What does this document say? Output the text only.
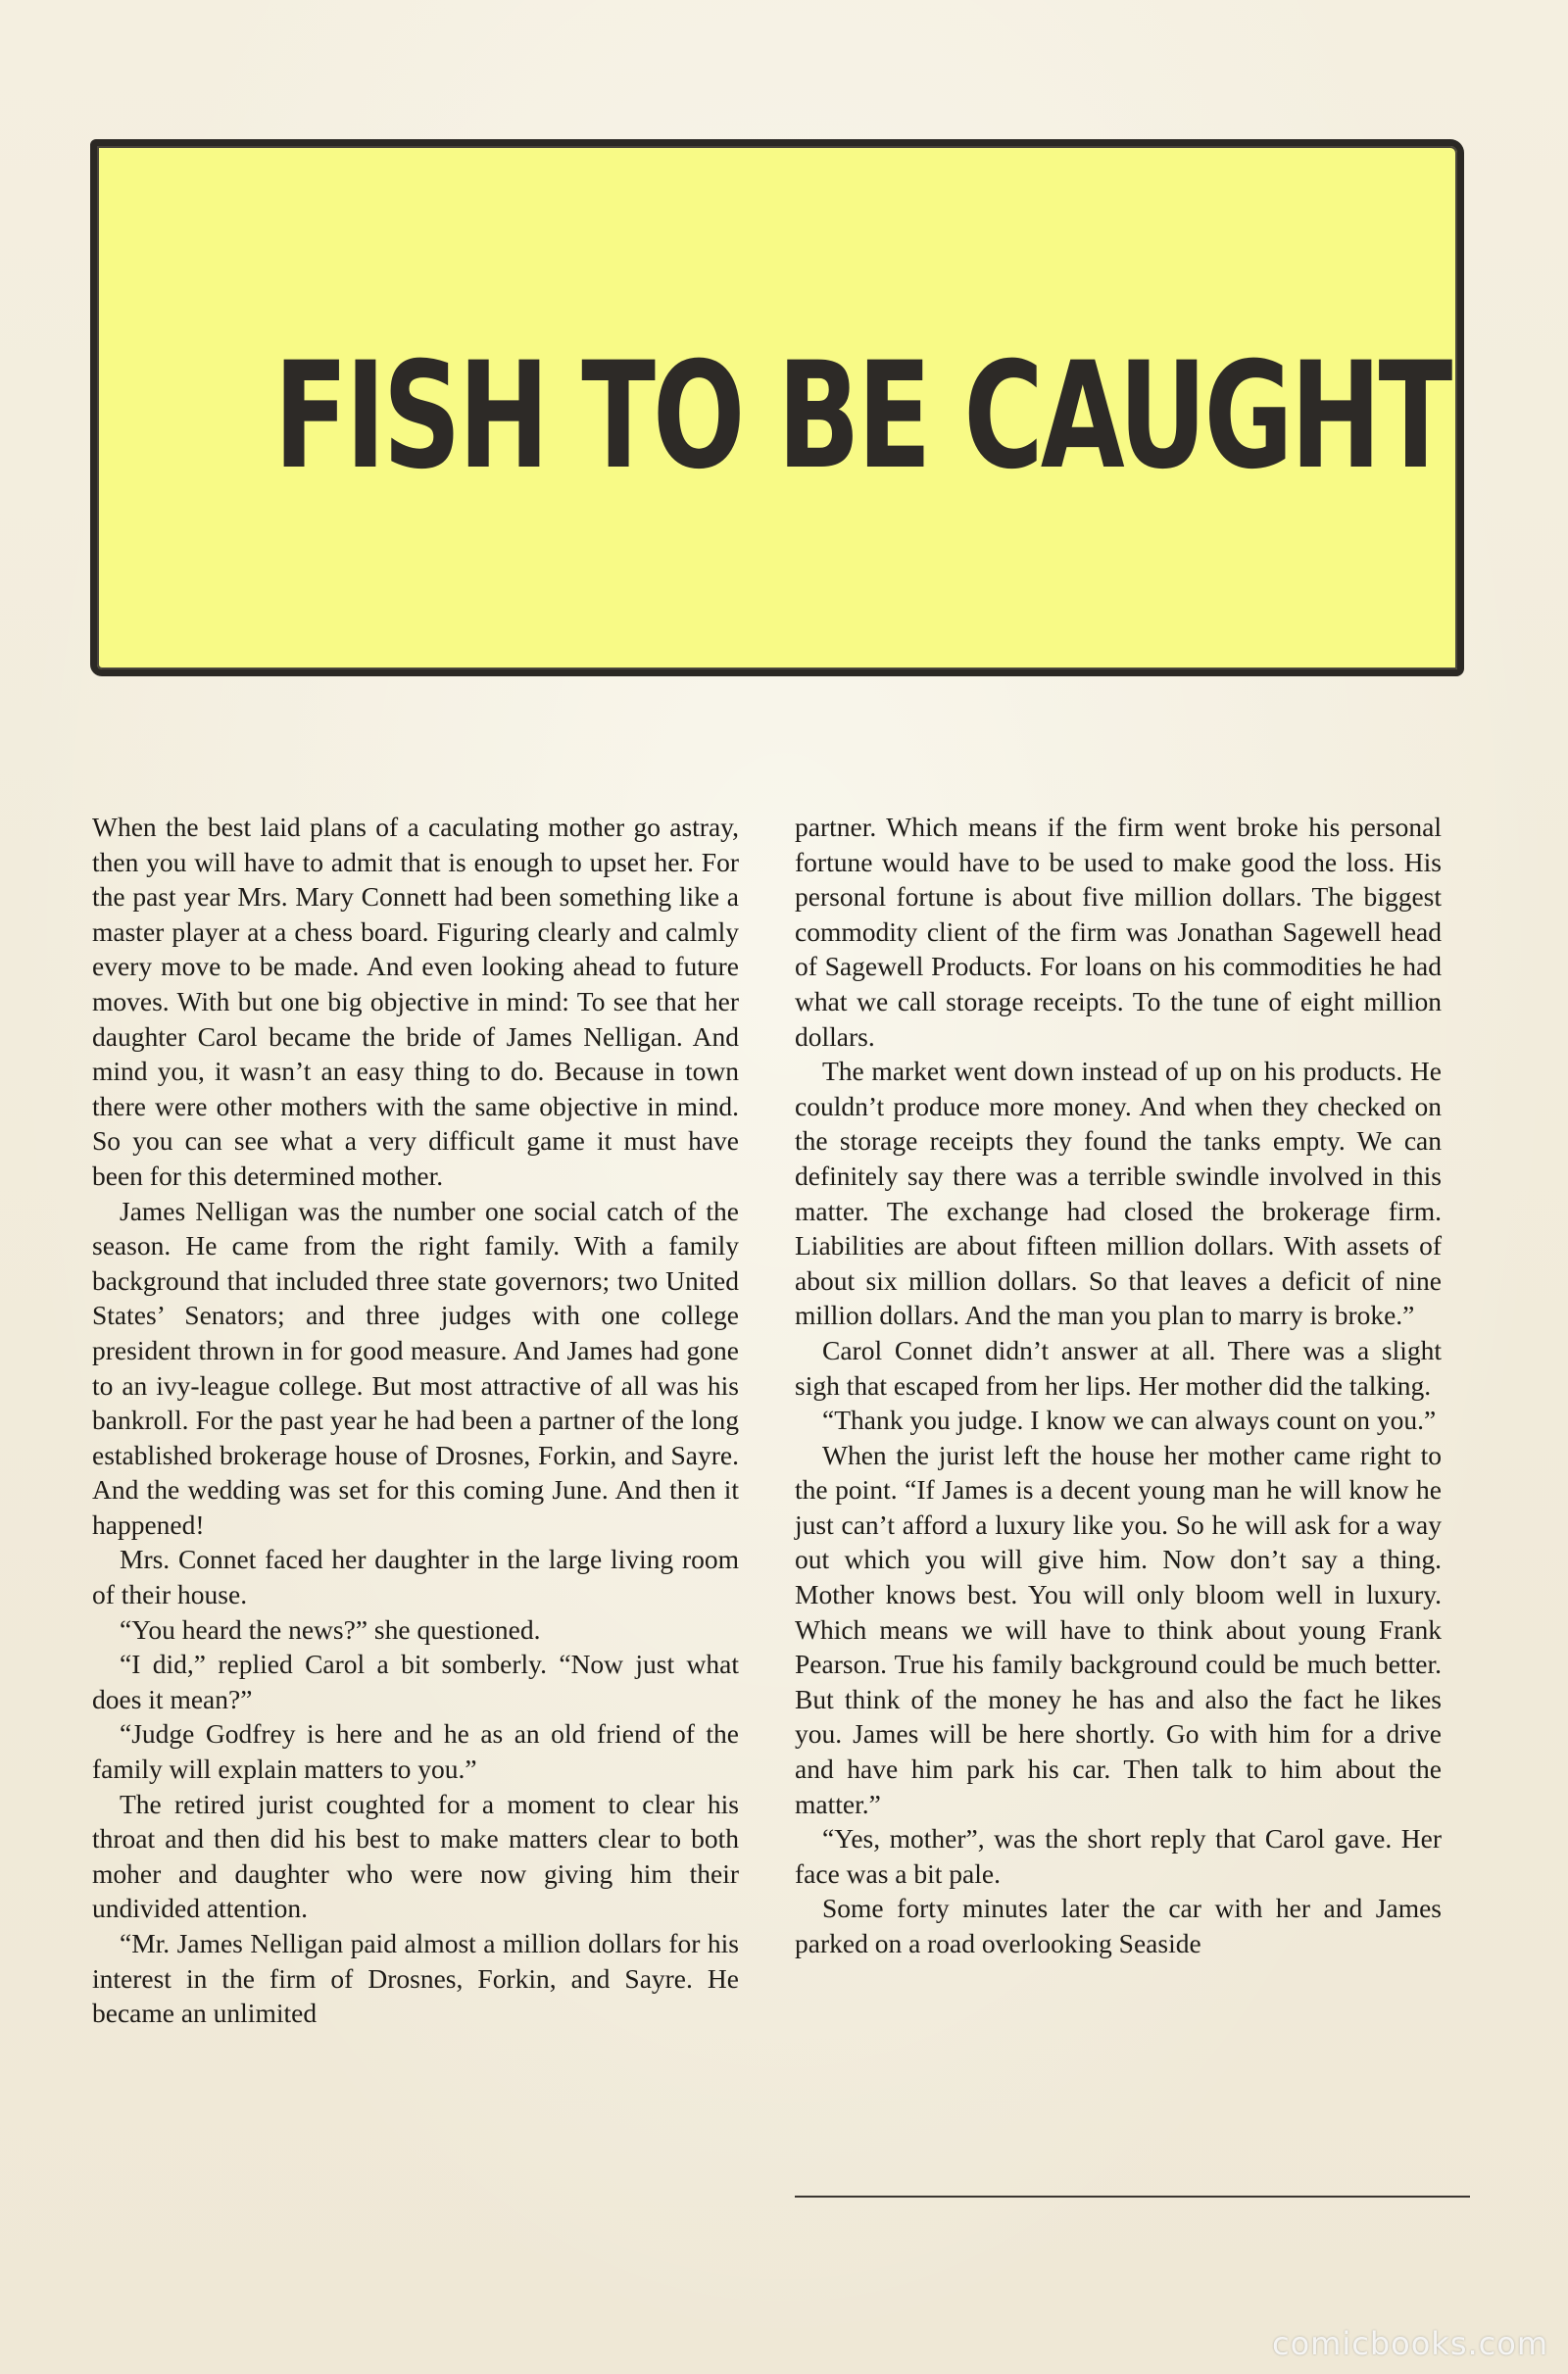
FISH TO BE CAUGHT

When the best laid plans of a caculating mother go astray, then you will have to admit that is enough to upset her. For the past year Mrs. Mary Connett had been something like a master player at a chess board. Figuring clearly and calmly every move to be made. And even looking ahead to future moves. With but one big objective in mind: To see that her daughter Carol became the bride of James Nelligan. And mind you, it wasn’t an easy thing to do. Because in town there were other mothers with the same objective in mind. So you can see what a very difficult game it must have been for this determined mother.

James Nelligan was the number one social catch of the season. He came from the right family. With a family background that included three state governors; two United States’ Senators; and three judges with one college president thrown in for good measure. And James had gone to an ivy-league college. But most attractive of all was his bankroll. For the past year he had been a partner of the long established brokerage house of Drosnes, Forkin, and Sayre. And the wedding was set for this coming June. And then it happened!

Mrs. Connet faced her daughter in the large living room of their house.

“You heard the news?” she questioned.

“I did,” replied Carol a bit somberly. “Now just what does it mean?”

“Judge Godfrey is here and he as an old friend of the family will explain matters to you.”

The retired jurist coughted for a moment to clear his throat and then did his best to make matters clear to both moher and daughter who were now giving him their undivided attention.

“Mr. James Nelligan paid almost a million dollars for his interest in the firm of Drosnes, Forkin, and Sayre. He became an unlimited

partner. Which means if the firm went broke his personal fortune would have to be used to make good the loss. His personal fortune is about five million dollars. The biggest commodity client of the firm was Jonathan Sagewell head of Sagewell Products. For loans on his commodities he had what we call storage receipts. To the tune of eight million dollars.

The market went down instead of up on his products. He couldn’t produce more money. And when they checked on the storage receipts they found the tanks empty. We can definitely say there was a terrible swindle involved in this matter. The exchange had closed the brokerage firm. Liabilities are about fifteen million dollars. With assets of about six million dollars. So that leaves a deficit of nine million dollars. And the man you plan to marry is broke.”

Carol Connet didn’t answer at all. There was a slight sigh that escaped from her lips. Her mother did the talking.

“Thank you judge. I know we can always count on you.”

When the jurist left the house her mother came right to the point. “If James is a decent young man he will know he just can’t afford a luxury like you. So he will ask for a way out which you will give him. Now don’t say a thing. Mother knows best. You will only bloom well in luxury. Which means we will have to think about young Frank Pearson. True his family background could be much better. But think of the money he has and also the fact he likes you. James will be here shortly. Go with him for a drive and have him park his car. Then talk to him about the matter.”

“Yes, mother”, was the short reply that Carol gave. Her face was a bit pale.

Some forty minutes later the car with her and James parked on a road overlooking Seaside

comicbooks.com
